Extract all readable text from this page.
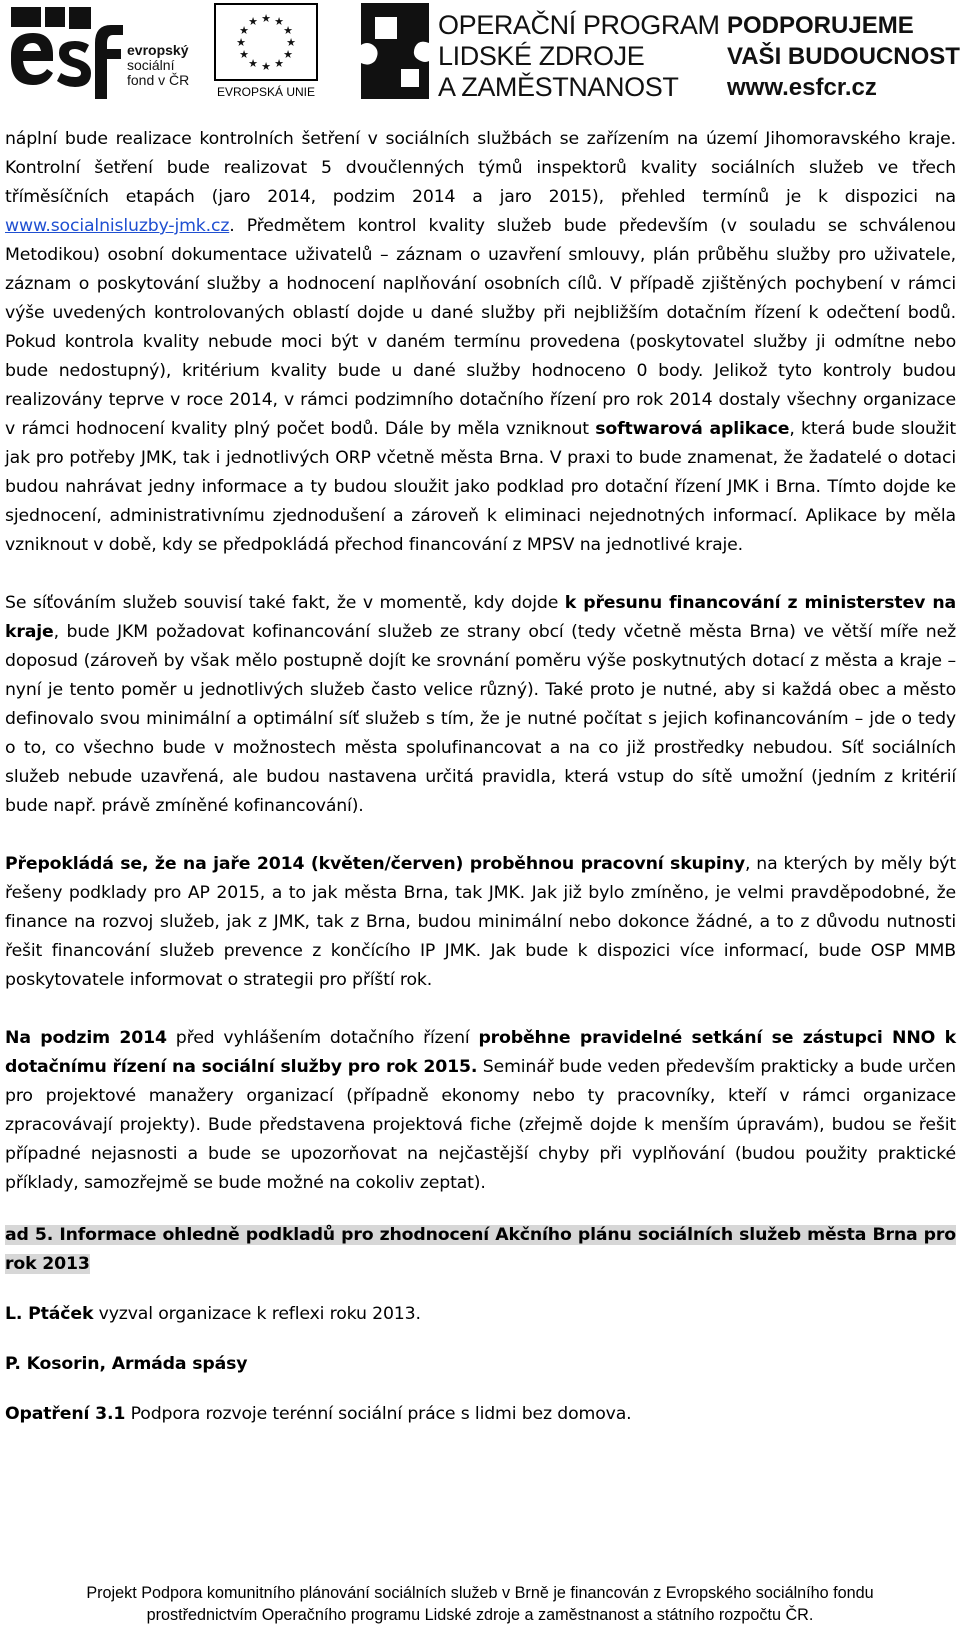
evropský
sociální
fond v ČR
★ ★
★
★
★
★
★
★
★
★
★
★
EVROPSKÁ UNIE
OPERAČNÍ PROGRAM
LIDSKÉ ZDROJE
A ZAMĚSTNANOST
PODPORUJEME
VAŠI BUDOUCNOST
www.esfcr.cz

náplní bude realizace kontrolních šetření v sociálních službách se zařízením na území Jihomoravského kraje. Kontrolní šetření bude realizovat 5 dvoučlenných týmů inspektorů kvality sociálních služeb ve třech tříměsíčních etapách (jaro 2014, podzim 2014 a jaro 2015), přehled termínů je k dispozici na www.socialnisluzby-jmk.cz. Předmětem kontrol kvality služeb bude především (v souladu se schválenou Metodikou) osobní dokumentace uživatelů – záznam o uzavření smlouvy, plán průběhu služby pro uživatele, záznam o poskytování služby a hodnocení naplňování osobních cílů. V případě zjištěných pochybení v rámci výše uvedených kontrolovaných oblastí dojde u dané služby při nejbližším dotačním řízení k odečtení bodů. Pokud kontrola kvality nebude moci být v daném termínu provedena (poskytovatel služby ji odmítne nebo bude nedostupný), kritérium kvality bude u dané služby hodnoceno 0 body. Jelikož tyto kontroly budou realizovány teprve v roce 2014, v rámci podzimního dotačního řízení pro rok 2014 dostaly všechny organizace v rámci hodnocení kvality plný počet bodů. Dále by měla vzniknout softwarová aplikace, která bude sloužit jak pro potřeby JMK, tak i jednotlivých ORP včetně města Brna. V praxi to bude znamenat, že žadatelé o dotaci budou nahrávat jedny informace a ty budou sloužit jako podklad pro dotační řízení JMK i Brna. Tímto dojde ke sjednocení, administrativnímu zjednodušení a zároveň k eliminaci nejednotných informací. Aplikace by měla vzniknout v době, kdy se předpokládá přechod financování z MPSV na jednotlivé kraje.

Se síťováním služeb souvisí také fakt, že v momentě, kdy dojde k přesunu financování z ministerstev na kraje, bude JKM požadovat kofinancování služeb ze strany obcí (tedy včetně města Brna) ve větší míře než doposud (zároveň by však mělo postupně dojít ke srovnání poměru výše poskytnutých dotací z města a kraje – nyní je tento poměr u jednotlivých služeb často velice různý). Také proto je nutné, aby si každá obec a město definovalo svou minimální a optimální síť služeb s tím, že je nutné počítat s jejich kofinancováním – jde o tedy o to, co všechno bude v možnostech města spolufinancovat a na co již prostředky nebudou. Síť sociálních služeb nebude uzavřená, ale budou nastavena určitá pravidla, která vstup do sítě umožní (jedním z kritérií bude např. právě zmíněné kofinancování).

Přepokládá se, že na jaře 2014 (květen/červen) proběhnou pracovní skupiny, na kterých by měly být řešeny podklady pro AP 2015, a to jak města Brna, tak JMK. Jak již bylo zmíněno, je velmi pravděpodobné, že finance na rozvoj služeb, jak z JMK, tak z Brna, budou minimální nebo dokonce žádné, a to z důvodu nutnosti řešit financování služeb prevence z končícího IP JMK. Jak bude k dispozici více informací, bude OSP MMB poskytovatele informovat o strategii pro příští rok.

Na podzim 2014 před vyhlášením dotačního řízení proběhne pravidelné setkání se zástupci NNO k dotačnímu řízení na sociální služby pro rok 2015. Seminář bude veden především prakticky a bude určen pro projektové manažery organizací (případně ekonomy nebo ty pracovníky, kteří v rámci organizace zpracovávají projekty). Bude představena projektová fiche (zřejmě dojde k menším úpravám), budou se řešit případné nejasnosti a bude se upozorňovat na nejčastější chyby při vyplňování (budou použity praktické příklady, samozřejmě se bude možné na cokoliv zeptat).

ad 5. Informace ohledně podkladů pro zhodnocení Akčního plánu sociálních služeb města Brna pro rok 2013

L. Ptáček vyzval organizace k reflexi roku 2013.

P. Kosorin, Armáda spásy

Opatření 3.1 Podpora rozvoje terénní sociální práce s lidmi bez domova.

Projekt Podpora komunitního plánování sociálních služeb v Brně je financován z Evropského sociálního fondu
prostřednictvím Operačního programu Lidské zdroje a zaměstnanost a státního rozpočtu ČR.
